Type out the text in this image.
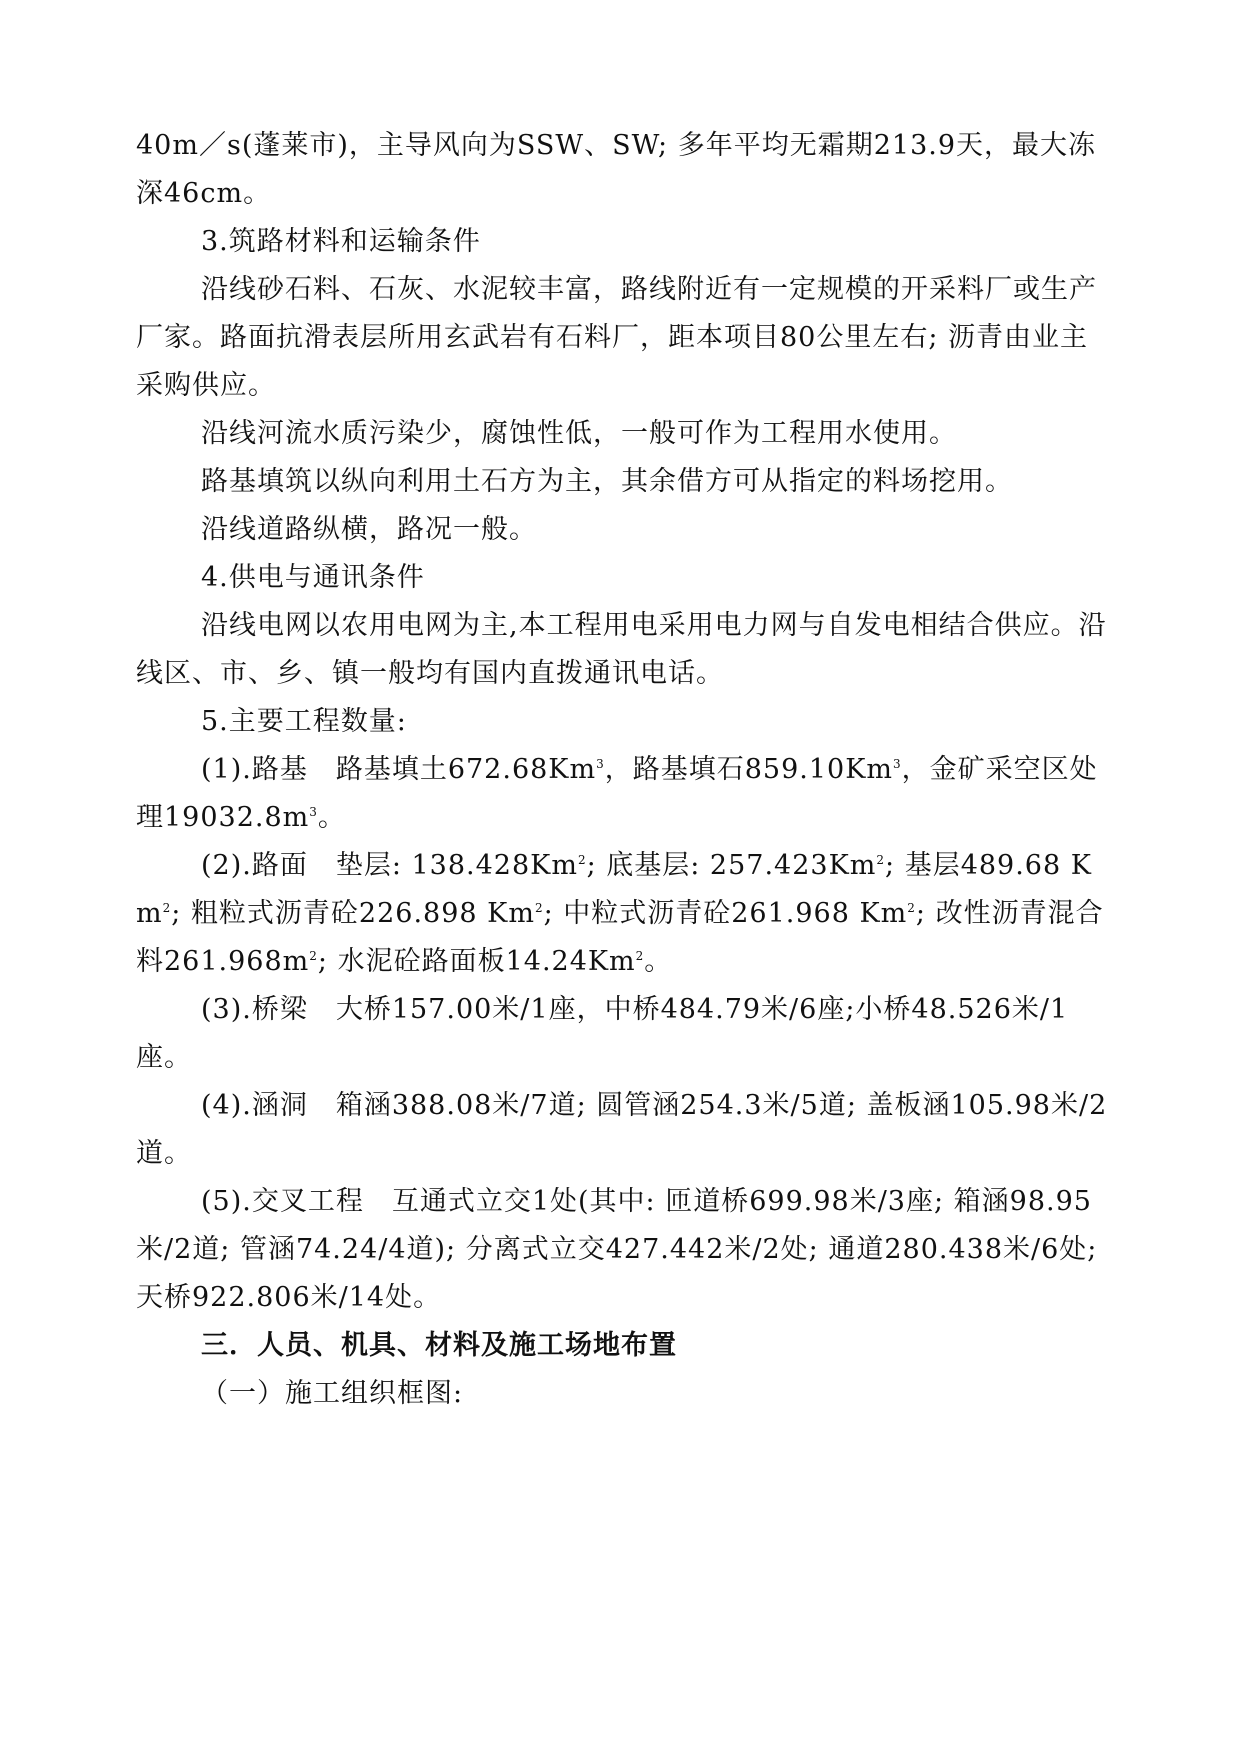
40m／s(蓬莱市)，主导风向为SSW、SW; 多年平均无霜期213.9天，最大冻深46cm。

3.筑路材料和运输条件

沿线砂石料、石灰、水泥较丰富，路线附近有一定规模的开采料厂或生产厂家。路面抗滑表层所用玄武岩有石料厂，距本项目80公里左右; 沥青由业主采购供应。

沿线河流水质污染少，腐蚀性低，一般可作为工程用水使用。

路基填筑以纵向利用土石方为主，其余借方可从指定的料场挖用。

沿线道路纵横，路况一般。

4.供电与通讯条件

沿线电网以农用电网为主,本工程用电采用电力网与自发电相结合供应。沿线区、市、乡、镇一般均有国内直拨通讯电话。

5.主要工程数量:

(1).路基　路基填土672.68Km$^3$，路基填石859.10Km$^3$，金矿采空区处理$19032.8m^3$。

(2).路面　垫层: 138.428Km$^2$; 底基层: 257.423Km$^2$; 基层489.68 Km$^2$; 粗粒式沥青砼226.898 Km$^2$; 中粒式沥青砼261.968 Km$^2$; 改性沥青混合料$261.968m^2$; 水泥砼路面板14.24Km$^2$。

(3).桥梁　大桥157.00米/1座，中桥484.79米/6座;小桥48.526米/1座。

(4).涵洞　箱涵388.08米/7道; 圆管涵254.3米/5道; 盖板涵105.98米/2道。

(5).交叉工程　互通式立交1处(其中: 匝道桥699.98米/3座; 箱涵98.95米/2道; 管涵74.24/4道); 分离式立交427.442米/2处; 通道280.438米/6处; 天桥922.806米/14处。

三．人员、机具、材料及施工场地布置

（一）施工组织框图:
